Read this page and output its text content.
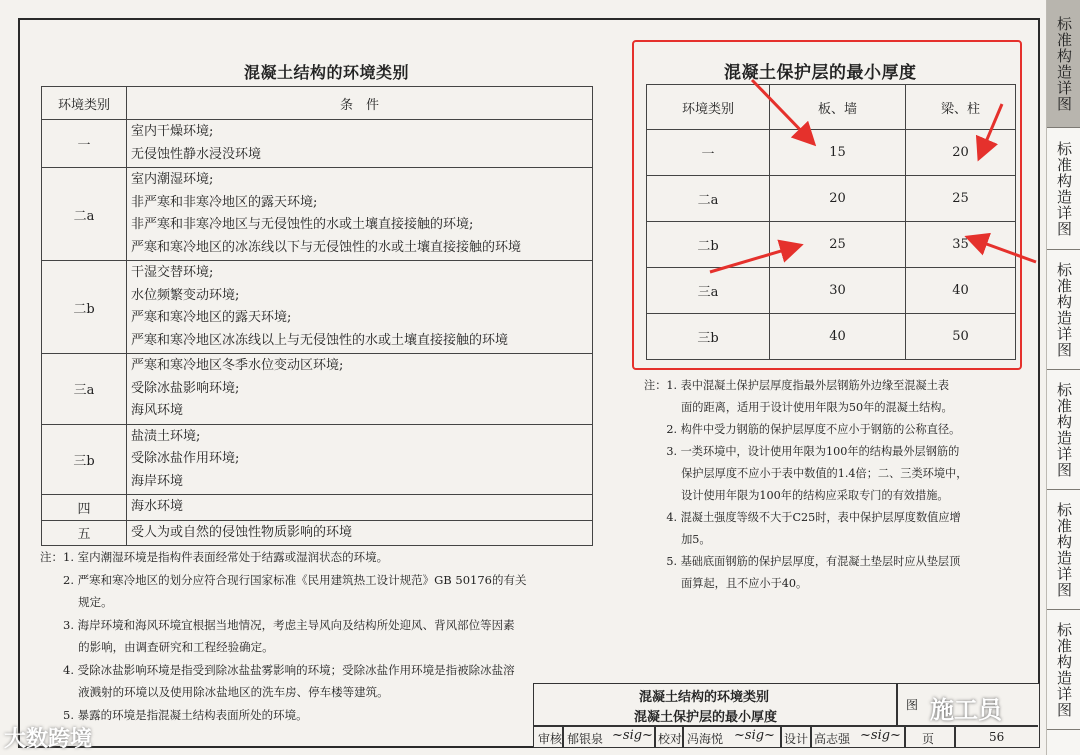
混凝土结构的环境类别
环境类别	条　件
一	室内干燥环境;
无侵蚀性静水浸没环境

二a	室内潮湿环境;
非严寒和非寒冷地区的露天环境;
非严寒和非寒冷地区与无侵蚀性的水或土壤直接接触的环境;
严寒和寒冷地区的冰冻线以下与无侵蚀性的水或土壤直接接触的环境

二b	干湿交替环境;
水位频繁变动环境;
严寒和寒冷地区的露天环境;
严寒和寒冷地区冰冻线以上与无侵蚀性的水或土壤直接接触的环境

三a	严寒和寒冷地区冬季水位变动区环境;
受除冰盐影响环境;
海风环境

三b	盐渍土环境;
受除冰盐作用环境;
海岸环境

四	海水环境

五	受人为或自然的侵蚀性物质影响的环境
注：1. 室内潮湿环境是指构件表面经常处于结露或湿润状态的环境。
　　2. 严寒和寒冷地区的划分应符合现行国家标准《民用建筑热工设计规范》GB 50176的有关
　　　 规定。
　　3. 海岸环境和海风环境宜根据当地情况，考虑主导风向及结构所处迎风、背风部位等因素
　　　 的影响，由调查研究和工程经验确定。
　　4. 受除冰盐影响环境是指受到除冰盐盐雾影响的环境；受除冰盐作用环境是指被除冰盐溶
　　　 液溅射的环境以及使用除冰盐地区的洗车房、停车楼等建筑。
　　5. 暴露的环境是指混凝土结构表面所处的环境。
混凝土保护层的最小厚度
环境类别	板、墙	梁、柱
一	15	20
二a	20	25
二b	25	35
三a	30	40
三b	40	50
注：1. 表中混凝土保护层厚度指最外层钢筋外边缘至混凝土表
　　　 面的距离，适用于设计使用年限为50年的混凝土结构。
　　2. 构件中受力钢筋的保护层厚度不应小于钢筋的公称直径。
　　3. 一类环境中，设计使用年限为100年的结构最外层钢筋的
　　　 保护层厚度不应小于表中数值的1.4倍；二、三类环境中，
　　　 设计使用年限为100年的结构应采取专门的有效措施。
　　4. 混凝土强度等级不大于C25时，表中保护层厚度数值应增
　　　 加5。
　　5. 基础底面钢筋的保护层厚度，有混凝土垫层时应从垫层顶
　　　 面算起，且不应小于40。
混凝土结构的环境类别
混凝土保护层的最小厚度
图
审核 郁银泉 ~sig~ 校对 冯海悦 ~sig~ 设计 高志强 ~sig~ 页	56
施工员
大数跨境
标准构造详图
标准构造详图
标准构造详图
标准构造详图
标准构造详图
标准构造详图
